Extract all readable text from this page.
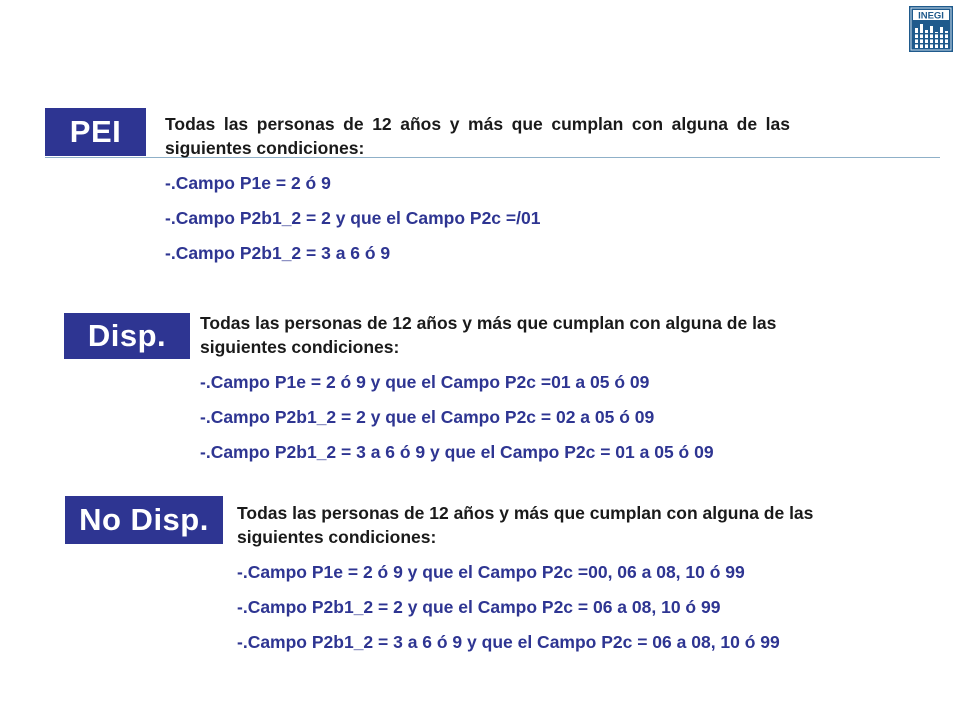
INEGI
PEI	Todas las personas de 12 años y más que cumplan con alguna de las siguientes condiciones:

-.Campo P1e = 2 ó 9
-.Campo P2b1_2 = 2 y que el Campo P2c =/01
-.Campo P2b1_2 = 3 a 6 ó 9
Disp.	Todas las personas de 12 años y más que cumplan con alguna de las siguientes condiciones:

-.Campo P1e = 2 ó 9 y que el Campo P2c =01 a 05 ó 09
-.Campo P2b1_2 = 2 y que el Campo P2c = 02 a 05 ó 09
-.Campo P2b1_2 = 3 a 6 ó 9 y que el Campo P2c = 01 a 05 ó 09
No Disp.	Todas las personas de 12 años y más que cumplan con alguna de las siguientes condiciones:

-.Campo P1e = 2 ó 9 y que el Campo P2c =00, 06 a 08, 10 ó 99
-.Campo P2b1_2 = 2 y que el Campo P2c = 06 a 08, 10 ó 99
-.Campo P2b1_2 = 3 a 6 ó 9 y que el Campo P2c = 06 a 08, 10 ó 99
